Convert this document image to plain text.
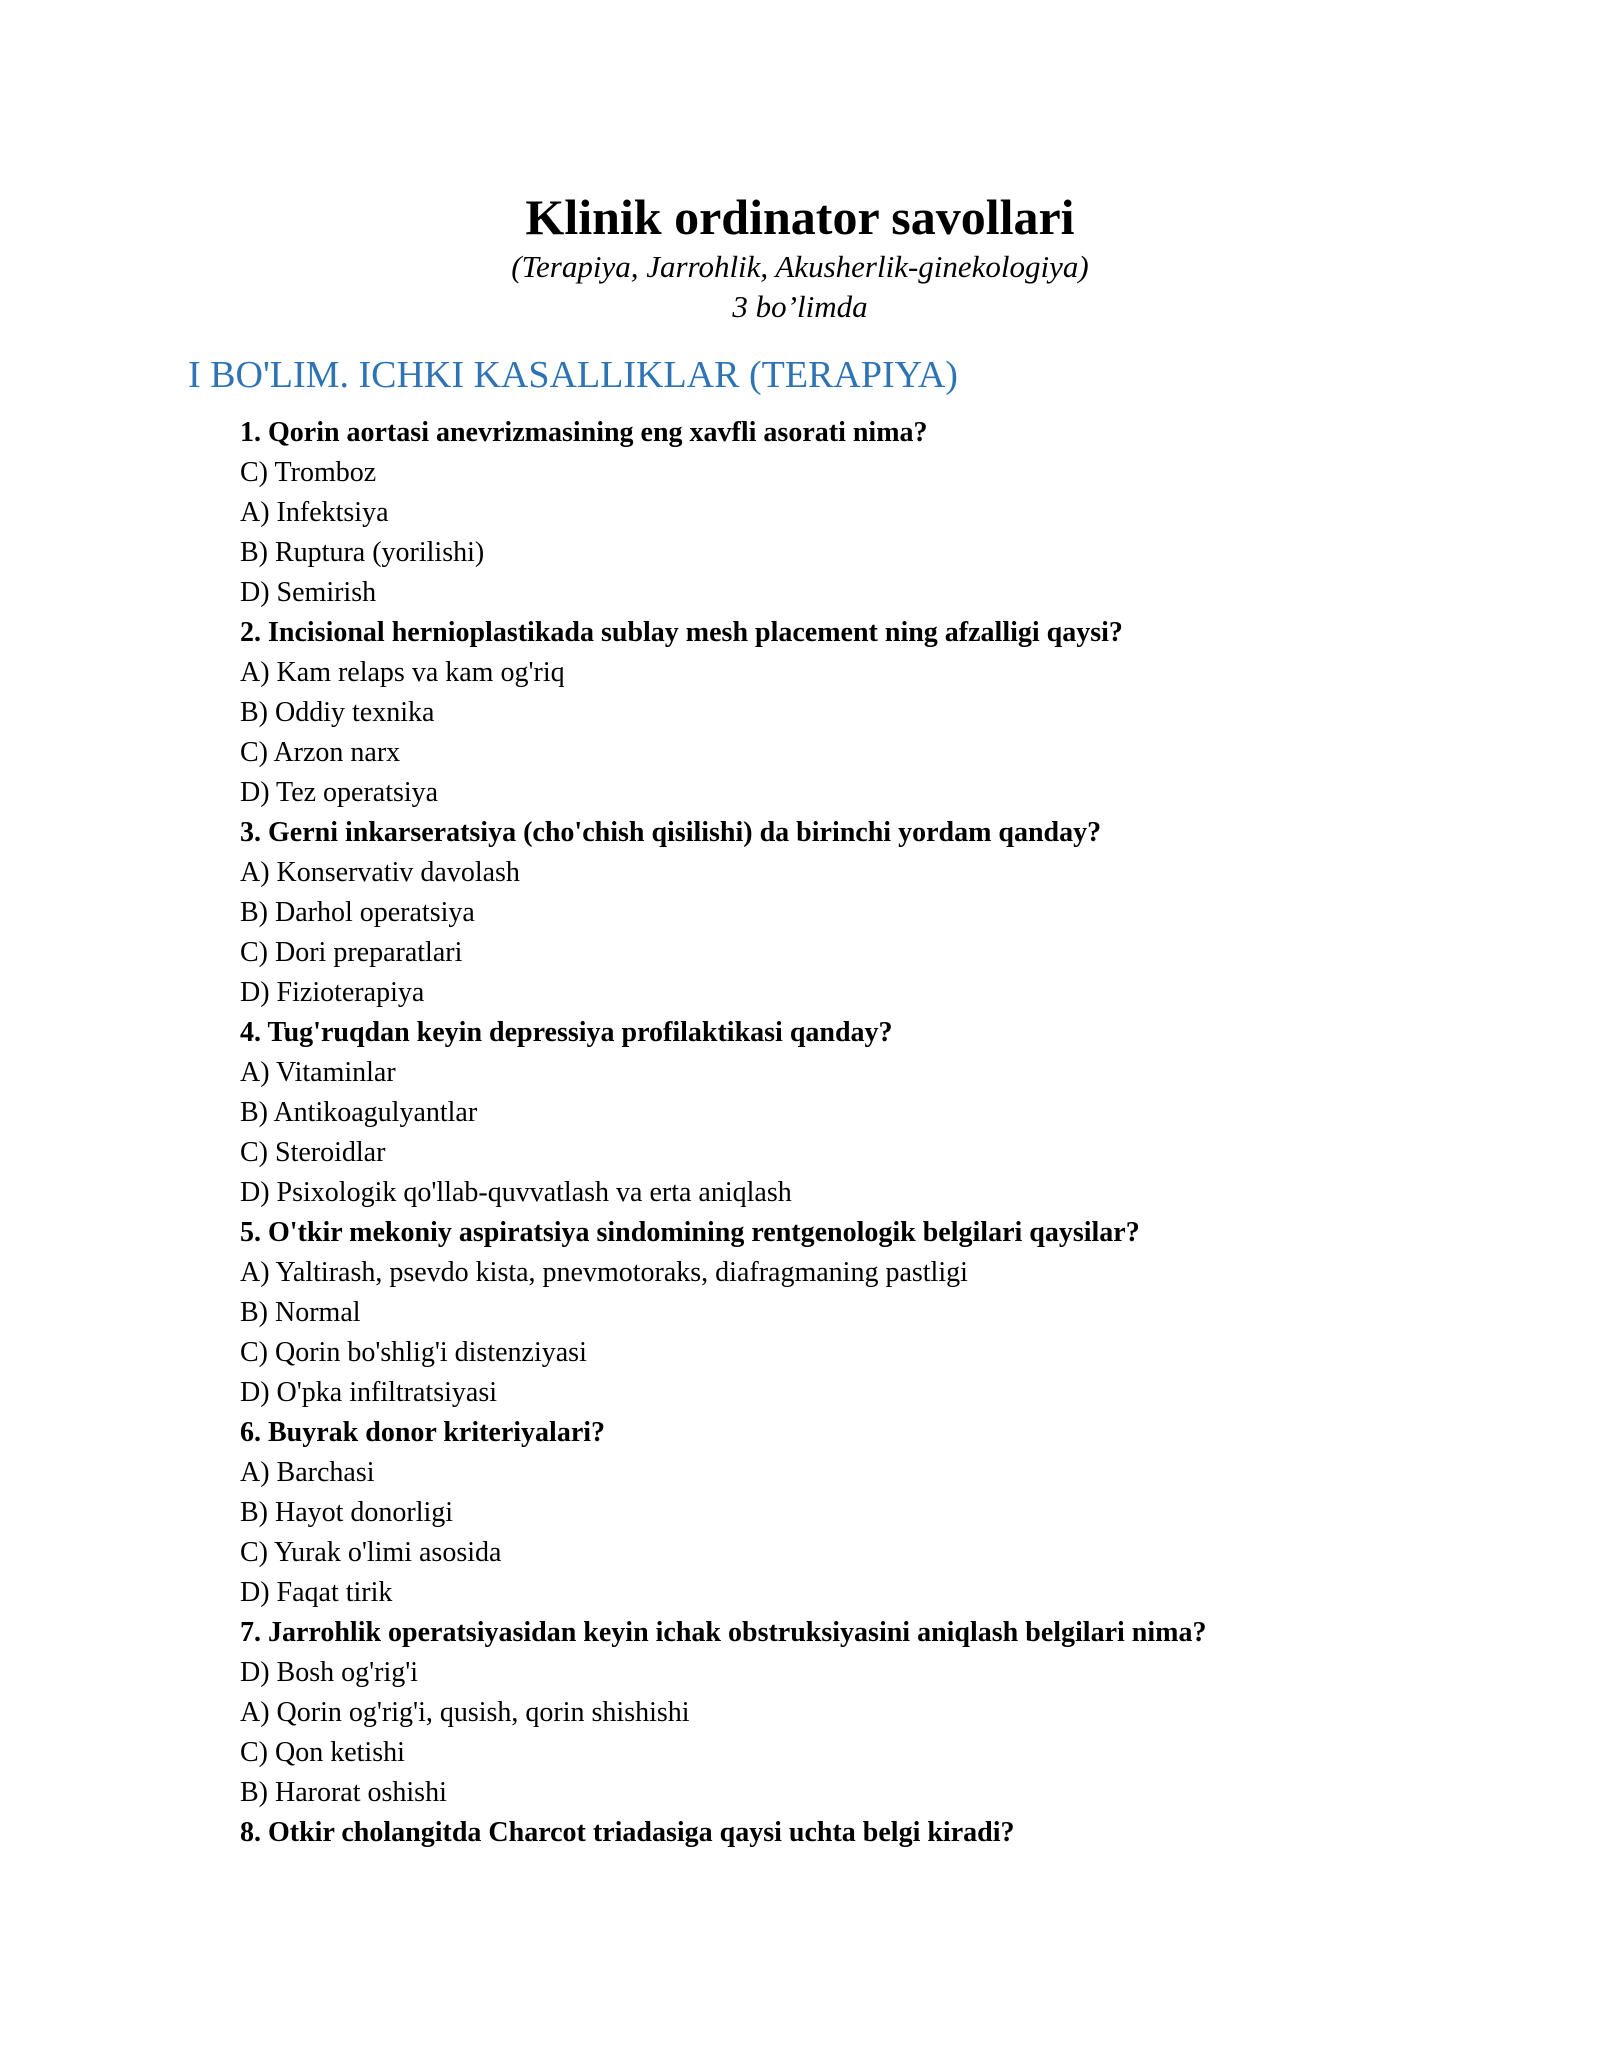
Klinik ordinator savollari
(Terapiya, Jarrohlik, Akusherlik-ginekologiya)
3 bo’limda
I BO'LIM. ICHKI KASALLIKLAR (TERAPIYA)
1. Qorin aortasi anevrizmasining eng xavfli asorati nima?
C) Tromboz
A) Infektsiya
B) Ruptura (yorilishi)
D) Semirish
2. Incisional hernioplastikada sublay mesh placement ning afzalligi qaysi?
A) Kam relaps va kam og'riq
B) Oddiy texnika
C) Arzon narx
D) Tez operatsiya
3. Gerni inkarseratsiya (cho'chish qisilishi) da birinchi yordam qanday?
A) Konservativ davolash
B) Darhol operatsiya
C) Dori preparatlari
D) Fizioterapiya
4. Tug'ruqdan keyin depressiya profilaktikasi qanday?
A) Vitaminlar
B) Antikoagulyantlar
C) Steroidlar
D) Psixologik qo'llab-quvvatlash va erta aniqlash
5. O'tkir mekoniy aspiratsiya sindomining rentgenologik belgilari qaysilar?
A) Yaltirash, psevdo kista, pnevmotoraks, diafragmaning pastligi
B) Normal
C) Qorin bo'shlig'i distenziyasi
D) O'pka infiltratsiyasi
6. Buyrak donor kriteriyalari?
A) Barchasi
B) Hayot donorligi
C) Yurak o'limi asosida
D) Faqat tirik
7. Jarrohlik operatsiyasidan keyin ichak obstruksiyasini aniqlash belgilari nima?
D) Bosh og'rig'i
A) Qorin og'rig'i, qusish, qorin shishishi
C) Qon ketishi
B) Harorat oshishi
8. Otkir cholangitda Charcot triadasiga qaysi uchta belgi kiradi?
